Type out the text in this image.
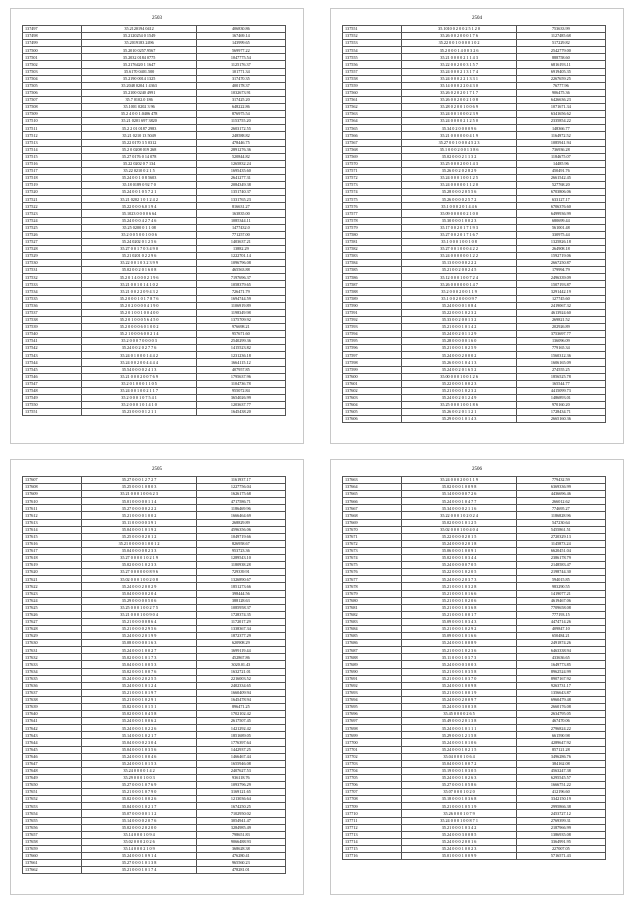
2503
137497	35.2120194 0412	406830.86
137498	35.2120254 0 1549	167469.14
137499	35.2019183 2496	143999.65
137500	35.2010 0257.9567	569977.22
137501	35.2032 0184 0775	1047775.54
137502	35.2176420 1 1647	1125176.37
137503	35.6170 0401.500	101771.34
137504	35.2190 0014 1325	317470.35
137505	35.2048 0204 1 4363	400178.37
137506	35.2100 0240 4991	1032673.91
137507	35.7 0102.0 186	317425.20
137508	35.1001 0202 3 96	648222.86
137509	35.2 4 0 0 1.0406 478	876975.54
137510	35.21 0201 697 3820	1153755.20
137511	35.2 2 01 0187 2983	2603172.55
137512	35.21 0210 13 5049	248588.82
137513	35.22 0170 3 5 0312	478446.75
137514	35.2 0 0208 019 268	2891276.36
137515	35.27 0176 0 14 078	520844.82
137516	35.22 0202 0 7 134	1265832.24
137517	35.22 0210 0 2 1 5	1695435.60
137518	35.24 0 0 1 0 8 5603	2641277.31
137519	35.18 0189 0 92 7 0	2084349.38
137520	35.24 0 0 1 0 5 7 2 1	1351740.37
137521	35.21 0202 1 0 1 2 4 2	1331765.23
137522	35.22 0 0 0 6.0 1 9 4	816631.27
137523	35.1023 0 0 0 0 6 64	163835.00
137524	35.24 0 0 0 4 2 7 4 6	1085344.11
137525	35.25 0200 0 1 1 08	1477432.0
137526	35.2 0 0 5 0 0 1 0 0 6	771257.00
137527	35.24 0202 0 1 2 5 6	1403637.21
137528	35.27 0 0 1 7 0 3 4 9 0	13882.29
137529	35.21 0201 0 2 2 9 6	1222701.14
137530	35.22 0 0 1 0 3 2 3 9 9	1096796.08
137531	35.02 0 0 2 0 1 6 0 8	465563.88
137532	35.2 0 1 4 0 0 0 2 1 9 6	7197696.37
137533	35.21 0 0 1 0 1 4 1 0 2	1058379.65
137534	35.21 0 0 2 2 0 9 4 3 2	726471.79
137535	35.2 0 0 0 1 0 1 7 8 7 6	1694744.59
137536	35.2 0 2 0 0 0 0 4 1 9 0	1106919.89
137537	35.2 0 1 0 0 1 0 0 4 0 0	1198349.98
137538	35.2 0 1 0 0 0 5 6 4 5 0	1375709.92
137539	35.2 0 0 0 0 6 0 1 0 0 2	976698.21
137540	35.2 1 0 0 0 6 0 0 2 1 4	957671.60
137541	35.2 0 0 0 7 0 0 0 0 3	2540299.36
137542	35.24 0 0 2 0 2 7 7 6	1415523.82
137543	35.24 0 1 0 0 0 1 4 4 2	1231236.18
137544	35.24 0 0 2 0 0 4 4 4 4	1664115.12
137545	35.54 0 0 0 0 2 4 1 3	407957.85
137546	35.21 0 0 0 2 0 0 7 6 9	1795637.96
137547	35.2 0 1 0 0 0 1 1 0 5	1104736.78
137548	35.24 0 0 1 0 0 2 1 1 7	955072.84
137549	35.2 0 0 0 1 0 7 5 4 1	3654026.99
137550	35.2 0 0 0 1 0 1 4 1 0	1203637.77
137551	35.23 0 0 0 0 1 2 1 1	1645438.20
2504
137551	35.1010 0 2 0 0 2 5 1 2 0	753633.99
137552	35.26 0 0 2 0 0 0 1 7 6	1127485.68
137553	35.22 0 0 1 0 0 0 0 1 0 2	517229.82
137554	35.2 0 0 0 1 4 0 0 3 2 6	2542779.00
137555	35.21 0 0 0 0 2 1 1 4 3	888758.60
137556	35.22 0 0 2 0 0 3 1 5 7	6816193.11
137557	35.24 0 0 0 2 1 3 1 7 4	6919405.35
137558	35.24 0 0 0 2 2 1 3 3 1	2267659.25
137559	35.14 0 0 0 2 2 0 4 3 0	76777.96
137560	35.26 0 2 0 2 0 1 7 1 7	906475.36
137561	35.26 0 0 2 0 0 2 1 0 8	6426636.23
137562	35.28 0 2 0 0 1 0 0 6 9	1071671.34
137563	35.24 0 0 1 0 0 0 2 3 9	6341656.62
137564	35.24 0 0 0 0 2 1 2 5 0	2335854.22
137565	35.34 0 2 0 0 0 0 9 6	148366.77
137566	35.21 0 0 0 0 0 0 4 1 9	1164972.52
137567	35.27 0 0 1 0 0 0 4 5 2 3	1085941.94
137568	35.1 0 0 0 2 0 0 1 3 8 6	736936.28
137569	35.02 0 0 0 2 1 1 3 2	1184675.07
137570	35.25 0 0 0 2 0 0 1 4 3	14485.96
137571	35.26 0 0 2 0 2 8 2 9	450491.76
137572	35.24 0 0 0 1 0 0 1 2 5	2661542.45
137573	35.24 0 0 0 0 0 1 1 2 0	527768.20
137574	35.28 0 0 0 2 0 5 5 6	6703806.06
137575	35.26 0 0 0 0 2 5 7 2	633127.17
137576	35.1 0 0 0 2 0 1 4 4 6	6706376.60
137577	35.09 0 0 0 0 0 2 1 0 0	6499936.99
137578	35.30 0 0 0 1 0 0 2 3	680699.44
137579	35.17 0 0 2 0 1 7 1 9 3	561001.48
137580	35.27 0 0 2 0 1 7 1 6 7	330975.44
137581	35.1 0 0 0 1 0 0 1 0 8	1325826.18
137582	35.27 0 0 1 0 0 0 4 2 2	264908.18
137583	35.24 0 0 0 0 0 0 1 2 2	1592719.06
137584	35.13 0 0 0 0 0 2 2 2	2667250.87
137585	35.21 0 0 2 0 0 2 4 5	179994.79
137586	35.12 0 0 0 1 0 0 7 2 4	2496339.09
137587	35.26 0 0 0 0 0 0 1 4 7	1507193.87
137588	35.2 0 0 0 2 0 0 1 1 9	3291442.19
137589	35.1 0 0 2 0 0 0 0 9 7	127745.60
137590	35.24 0 0 0 0 1 0 8 4	2419067.32
137591	35.22 0 0 0 1 0 2 3 2	4613924.60
137592	35.33 0 0 2 0 0 1 3 2	269821.52
137593	35.21 0 0 0 1 0 1 4 2	202926.89
137594	35.24 0 0 2 0 1 1 2 9	3753697.77
137595	35.28 0 0 0 0 0 1 6 0	136096.09
137596	35.21 0 0 0 1 0 2 5 9	779165.34
137597	35.24 0 0 0 2 0 0 0 2	1560312.36
137598	35.26 0 0 0 1 0 4 1 3	1606165.09
137599	35.24 0 0 2 0 1 6 5 2	274555.25
137600	35.00 0 0 0 1 0 0 1 2 6	1856525.78
137601	35.22 0 0 0 1 0 0 2 3	165544.77
137602	35.21 0 0 0 1 0 2 3 2	4415099.73
137603	35.24 0 0 2 0 1 2 4 9	1486893.01
137604	35.25 0 0 0 1 0 0 1 8 6	970160.20
137605	35.26 0 0 2 0 1 1 2 1	1728434.71
137606	35.29 0 0 0 1 0 1 4 3	2665160.36
2505
137607	35.27 0 0 0 1 2 7 2 7	1161937.17
137608	35.25 0 0 0 1 0 8 0 3	1227756.04
137609	35.21 0 0 0 1 0 0 6 2 3	1626175.68
137610	35.01 0 0 0 0 0 1 1 4	4717586.71
137611	35.27 0 0 0 0 0 2 2 2	1186469.96
137612	35.21 0 0 0 0 1 0 0 2	1666464.69
137613	35.11 0 0 0 0 0 3 9 1	268829.89
137614	35.04 0 0 0 1 0 1 9 2	4596356.06
137615	35.25 0 0 0 0 2 0 1 2	1049719.66
137616	35.21 0 0 0 0 0 1 0 0 1 2	826958.67
137617	35.04 0 0 0 0 8 2 3 3	953723.36
137618	35.27 0 0 0 0 1 0 2 1 9	1289543.10
137619	35.02 0 0 0 1 0 2 3 3	1180938.28
137620	35.27 0 0 0 0 0 0 8 9 6	729339.91
137621	35.02 0 0 0 1 0 0 2 0 8	1326890.67
137622	35.24 0 0 0 2 0 0 2 9	1851273.66
137623	35.04 0 0 0 0 0 2 0 4	398444.56
137624	35.29 0 0 0 0 0 5 0 6	388128.63
137625	35.25 0 0 0 1 0 0 2 7 5	1085958.37
137626	35.21 0 0 0 1 0 0 9 0 4	1728374.35
137627	35.21 0 0 0 0 0 8 6 4	1172017.29
137628	35.21 0 0 0 0 2 9 5 6	1338367.34
137629	35.24 0 0 0 2 0 1 9 9	1872377.29
137630	35.08 0 0 0 0 0 1 6 3	620908.29
137631	35.24 0 0 0 1 0 0 2 7	1699119.44
137632	35.02 0 0 0 1 0 1 7 3	452867.86
137633	35.04 0 0 0 1 0 0 5 3	3020.01.43
137634	35.02 0 0 0 1 0 0 7 6	1632721.01
137635	35.24 0 0 0 2 0 2 5 5	2216003.52
137636	35.24 0 0 0 1 0 1 2 4	2402334.65
137637	35.21 0 0 0 1 0 1 9 7	1660409.94
137638	35.21 0 0 0 1 0 2 9 1	1645478.94
137639	35.02 0 0 0 1 0 1 5 1	896471.25
137640	35.02 0 0 0 1 0 4 5 8	1702102.42
137641	35.24 0 0 0 1 0 0 6 2	2617507.45
137642	35.24 0 0 0 1 0 2 2 6	1421292.42
137643	35.14 0 0 0 1 0 2 1 7	1851689.05
137644	35.04 0 0 0 0 2 3 0 4	1776397.64
137645	35.04 0 0 0 1 0 3 5 6	1442937.25
137646	35.24 0 0 0 1 0 0 4 6	1466467.44
137647	35.24 0 0 0 1 0 1 5 3	1655946.08
137648	35.24 0 0 0 0 1 4 2	2407627.53
137649	35.29 0 0 0 1 0 0 3	936118.76
137650	35.27 0 0 0 1 0 7 6 9	1093796.29
137651	35.21 0 0 0 1 0 7 9 0	3169121.65
137652	35.02 0 0 0 1 0 0 2 6	1213036.64
137653	35.04 0 0 0 1 0 2 1 7	1674250.25
137654	35.07 0 0 0 0 0 1 1 2	7102950.02
137655	35.14 0 0 0 0 2 0 7 6	3054941.47
137656	35.02 0 0 0 2 0 2 0 0	3284985.49
137657	35.14 0 0 0 1 0 9 4	798651.83
137658	35.02 0 0 0 2 0 2 6	9066488.93
137659	35.14 0 0 0 2 1 0 9	368628.38
137660	35.24 0 0 0 1 0 9 1 4	476280.41
137661	35.27 0 0 0 1 0 1 3 8	965560.23
137662	35.21 0 0 0 1 0 1 7 4	478281.01
2506
137663	35.24 0 0 0 2 0 0 1 1 9	779432.59
137664	35.02 0 0 0 1 0 0 9 8	6369336.99
137665	35.14 0 0 0 0 0 7 2 6	4436696.46
137666	35.24 0 0 0 1 0 4 7 7	266012.62
137667	35.34 0 0 0 0 2 1 1 6	774695.27
137668	35.22 0 0 0 1 0 2 0 2 4	1186828.96
137669	35.02 0 0 0 1 0 1 2 5	547230.64
137670	35.02 0 0 0 1 0 0 4 0 4	5455861.51
137671	35.22 0 0 0 0 2 0 1 5	2720329.13
137672	35.24 0 0 0 0 2 0 1 8	1145873.24
137673	35.06 0 0 0 1 0 0 9 1	6620451.04
137674	35.02 0 0 0 1 0 3 4 4	2386178.79
137675	35.24 0 0 0 0 0 7 0 5	2148583.47
137676	35.22 0 0 0 1 0 2 0 5	2198744.30
137677	35.24 0 0 0 2 0 3 7 3	594015.85
137678	35.21 0 0 0 1 0 3 2 8	983290.55
137679	35.21 0 0 0 1 0 1 6 6	1419077.21
137680	35.21 0 0 0 1 0 2 0 6	4619467.06
137681	35.21 0 0 0 1 0 3 6 8	7709658.08
137682	35.21 0 0 0 1 0 0 1 7	777193.15
137683	35.09 0 0 0 1 0 3 4 3	4474714.26
137684	35.21 0 0 0 1 0 2 9 2	409847.10
137685	35.09 0 0 0 1 0 1 6 6	650484.21
137686	35.24 0 0 0 1 0 0 8 9	2491874.26
137687	35.21 0 0 0 1 0 2 3 6	6463338.94
137688	35.11 0 0 0 1 0 3 7 3	433636.65
137689	35.24 0 0 0 0 3 0 0 3	1649773.85
137690	35.21 0 0 0 1 0 3 5 8	8962524.99
137691	35.21 0 0 0 1 0 3 7 0	8907167.92
137692	35.24 0 0 0 1 0 0 9 8	9263731.17
137693	35.21 0 0 0 1 0 0 1 9	1356643.87
137694	35.24 0 0 0 2 0 0 9 7	6960479.48
137695	35.24 0 0 0 3 0 0 3 8	2660176.08
137696	35.45 0 0 0 0 2 6 5	2634795.05
137697	35.49 0 0 0 2 0 1 3 8	467470.06
137698	35.24 0 0 0 1 0 1 1 1	2796824.22
137699	35.29 0 0 0 1 2 1 5 8	661590.98
137700	35.24 0 0 0 1 0 1 0 6	4289647.92
137701	35.24 0 0 0 1 0 2 1 5	857121.28
137702	35.04 0 0 0 1 0 6 4	3496286.76
137703	35.04 0 0 0 1 0 0 7 2	384162.08
137704	35.19 0 0 0 1 0 3 0 5	4563247.38
137705	35.24 0 0 0 1 0 2 6 3	6295545.57
137706	35.27 0 0 0 1 0 5 8 6	1666751.22
137707	35.07 0 0 0 1 0 2 0	412196.60
137708	35.18 0 0 0 1 0 3 6 8	3342150.19
137709	35.21 0 0 0 1 0 5 1 9	2995866.38
137710	35.26 0 0 0 1 0 7 9	2453727.12
137711	35.24 0 0 0 1 0 0 8 7 1	2769399.31
137712	35.21 0 0 0 1 0 3 4 2	2187966.99
137713	35.24 0 0 0 3 0 0 8 5	1386935.08
137714	35.24 0 0 0 2 0 0 1 6	3364991.95
137715	35.24 0 0 0 1 0 0 2 3	227007.05
137716	35.01 0 0 0 1 0 0 9 9	5716571.43
